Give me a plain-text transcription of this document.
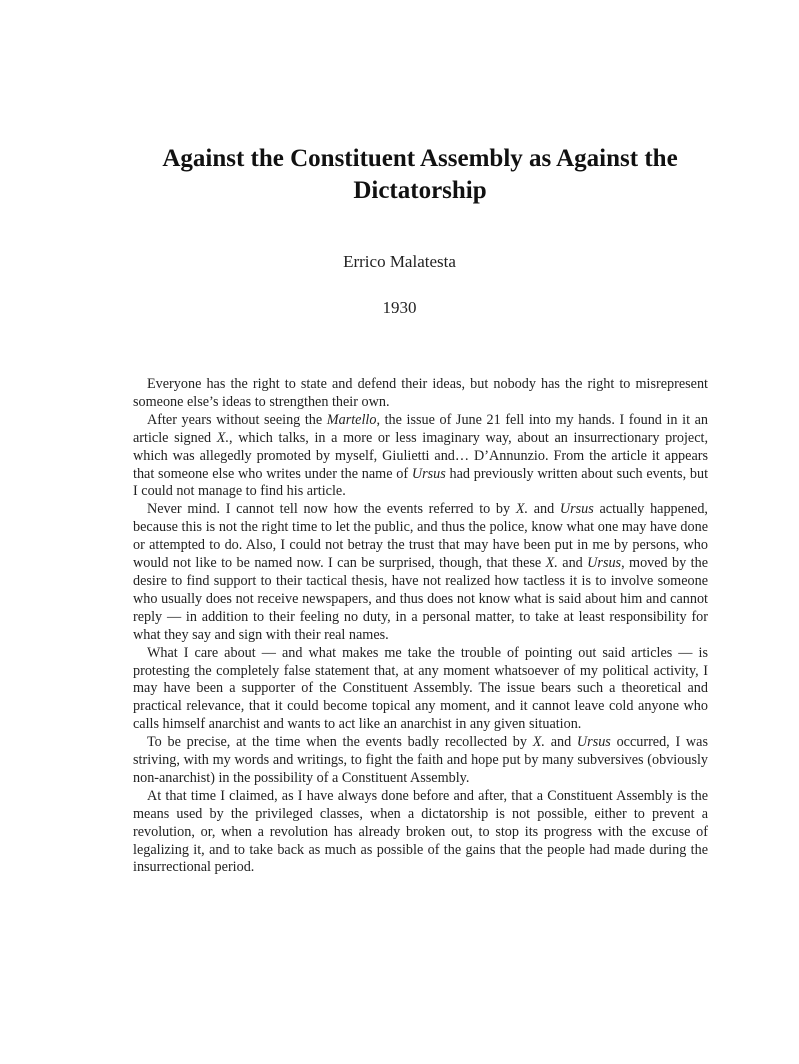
Against the Constituent Assembly as Against the Dictatorship
Errico Malatesta
1930

Everyone has the right to state and defend their ideas, but nobody has the right to misrepresent someone else’s ideas to strengthen their own.

After years without seeing the Martello, the issue of June 21 fell into my hands. I found in it an article signed X., which talks, in a more or less imaginary way, about an insurrectionary project, which was allegedly promoted by myself, Giulietti and… D’Annunzio. From the article it appears that someone else who writes under the name of Ursus had previously written about such events, but I could not manage to find his article.

Never mind. I cannot tell now how the events referred to by X. and Ursus actually happened, because this is not the right time to let the public, and thus the police, know what one may have done or attempted to do. Also, I could not betray the trust that may have been put in me by persons, who would not like to be named now. I can be surprised, though, that these X. and Ursus, moved by the desire to find support to their tactical thesis, have not realized how tactless it is to involve someone who usually does not receive newspapers, and thus does not know what is said about him and cannot reply — in addition to their feeling no duty, in a personal matter, to take at least responsibility for what they say and sign with their real names.

What I care about — and what makes me take the trouble of pointing out said articles — is protesting the completely false statement that, at any moment whatsoever of my political activity, I may have been a supporter of the Constituent Assembly. The issue bears such a theoretical and practical relevance, that it could become topical any moment, and it cannot leave cold anyone who calls himself anarchist and wants to act like an anarchist in any given situation.

To be precise, at the time when the events badly recollected by X. and Ursus occurred, I was striving, with my words and writings, to fight the faith and hope put by many subversives (obviously non-anarchist) in the possibility of a Constituent Assembly.

At that time I claimed, as I have always done before and after, that a Constituent Assembly is the means used by the privileged classes, when a dictatorship is not possible, either to prevent a revolution, or, when a revolution has already broken out, to stop its progress with the excuse of legalizing it, and to take back as much as possible of the gains that the people had made during the insurrectional period.
